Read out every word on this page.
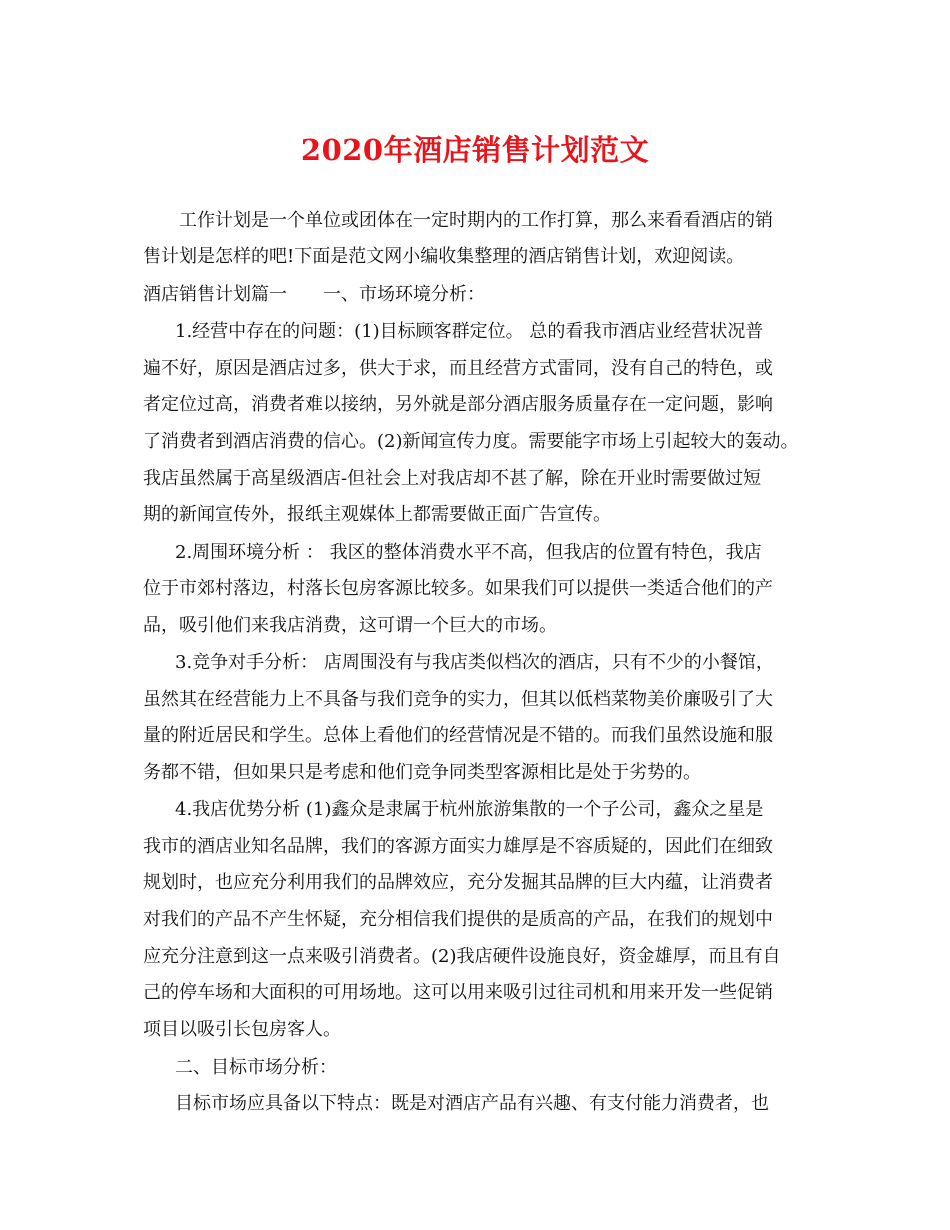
2020年酒店销售计划范文
工作计划是一个单位或团体在一定时期内的工作打算，那么来看看酒店的销
售计划是怎样的吧!下面是范文网小编收集整理的酒店销售计划，欢迎阅读。
酒店销售计划篇一　　一、市场环境分析：
1.经营中存在的问题：(1)目标顾客群定位。 总的看我市酒店业经营状况普
遍不好，原因是酒店过多，供大于求，而且经营方式雷同，没有自己的特色，或
者定位过高，消费者难以接纳，另外就是部分酒店服务质量存在一定问题，影响
了消费者到酒店消费的信心。(2)新闻宣传力度。需要能字市场上引起较大的轰动。
我店虽然属于高星级酒店-但社会上对我店却不甚了解，除在开业时需要做过短
期的新闻宣传外，报纸主观媒体上都需要做正面广告宣传。
2.周围环境分析 ： 我区的整体消费水平不高，但我店的位置有特色，我店
位于市郊村落边，村落长包房客源比较多。如果我们可以提供一类适合他们的产
品，吸引他们来我店消费，这可谓一个巨大的市场。
3.竞争对手分析： 店周围没有与我店类似档次的酒店，只有不少的小餐馆，
虽然其在经营能力上不具备与我们竞争的实力，但其以低档菜物美价廉吸引了大
量的附近居民和学生。总体上看他们的经营情况是不错的。而我们虽然设施和服
务都不错，但如果只是考虑和他们竞争同类型客源相比是处于劣势的。
4.我店优势分析 (1)鑫众是隶属于杭州旅游集散的一个子公司，鑫众之星是
我市的酒店业知名品牌，我们的客源方面实力雄厚是不容质疑的，因此们在细致
规划时，也应充分利用我们的品牌效应，充分发掘其品牌的巨大内蕴，让消费者
对我们的产品不产生怀疑，充分相信我们提供的是质高的产品，在我们的规划中
应充分注意到这一点来吸引消费者。(2)我店硬件设施良好，资金雄厚，而且有自
己的停车场和大面积的可用场地。这可以用来吸引过往司机和用来开发一些促销
项目以吸引长包房客人。
二、目标市场分析：
目标市场应具备以下特点：既是对酒店产品有兴趣、有支付能力消费者，也
